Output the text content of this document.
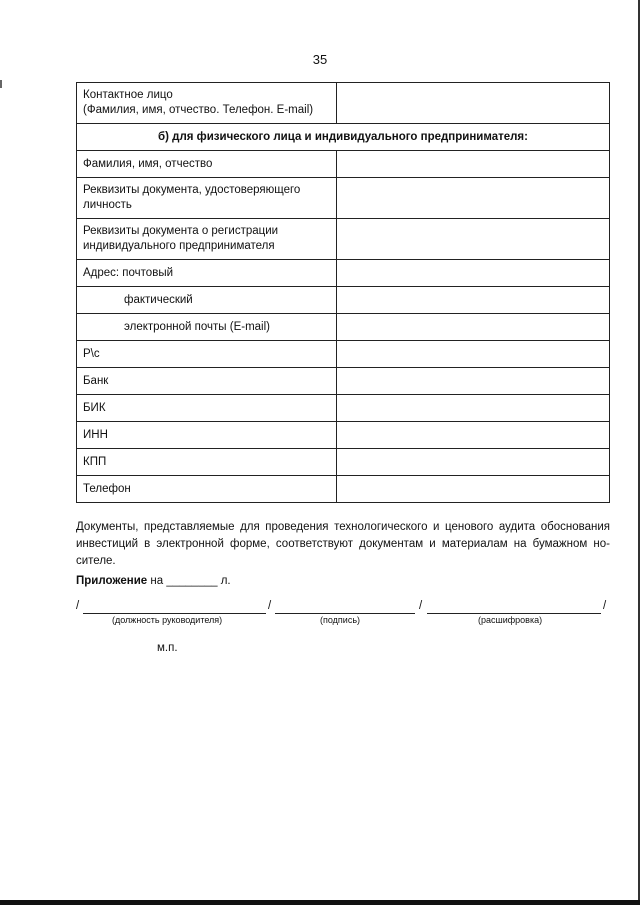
35
Контактное лицо
(Фамилия, имя, отчество. Телефон. E-mail)	
б) для физического лица и индивидуального предпринимателя:	
Фамилия, имя, отчество	
Реквизиты документа, удостоверяющего
личность	
Реквизиты документа о регистрации
индивидуального предпринимателя	
Адрес: почтовый	
фактический	
электронной почты (E-mail)	
Р\с	
Банк	
БИК	
ИНН	
КПП	
Телефон	
Документы, представляемые для проведения технологического и ценового аудита обоснования инвестиций в электронной форме, соответствуют документам и материалам на бумажном но-сителе.
Приложение на ________ л.
/	/	/	/
(должность руководителя)	(подпись)	(расшифровка)
м.п.
